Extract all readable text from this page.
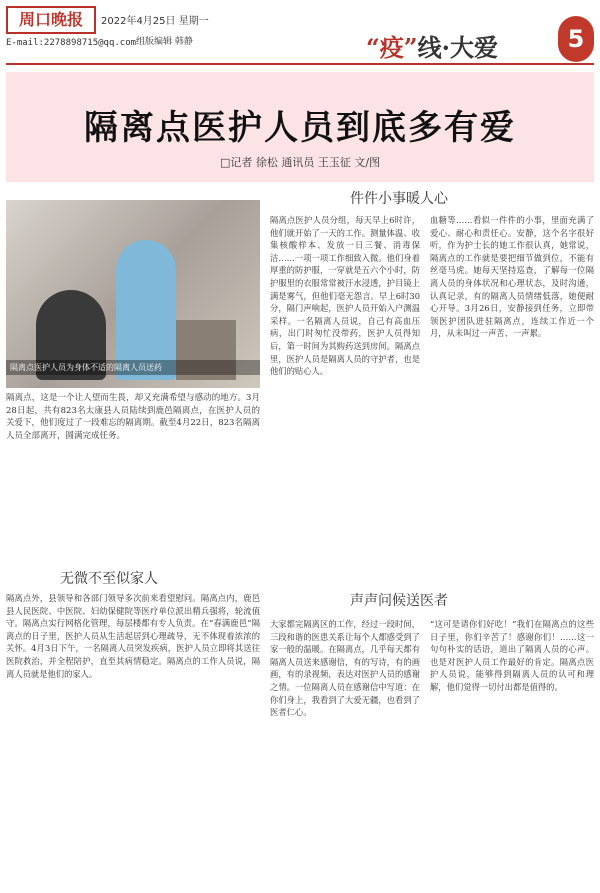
周口晚报	2022年4月25日 星期一
组版编辑 韩静
E-mail:2278898715@qq.com	“疫”线·大爱	5
隔离点医护人员到底多有爱
□记者 徐松 通讯员 王玉征 文/图
件件小事暖人心
隔离点医护人员为身体不适的隔离人员送药
隔离点，这是一个让人望而生畏，却又充满希望与感动的地方。3月28日起，共有823名太康县人员陆续到鹿邑隔离点，在医护人员的关爱下，他们度过了一段难忘的隔离期。截至4月22日，823名隔离人员全部离开，圆满完成任务。
隔离点医护人员分组，每天早上6时许，他们就开始了一天的工作。测量体温、收集核酸样本、发放一日三餐、消毒保洁……一项一项工作细致入微。他们身着厚重的防护服，一穿就是五六个小时，防护服里的衣服常常被汗水浸透，护目镜上满是雾气，但他们毫无怨言。早上6时30分，隔门声响起，医护人员开始入户测温采样。一名隔离人员说，自己有高血压病，出门时匆忙没带药，医护人员得知后，第一时间为其购药送到房间。隔离点里，医护人员是隔离人员的守护者，也是他们的贴心人。
血糖等……看似一件件的小事，里面充满了爱心、耐心和责任心。安静，这个名字很好听，作为护士长的她工作很认真，她常说，隔离点的工作就是要把细节做到位，不能有丝毫马虎。她每天坚持巡查，了解每一位隔离人员的身体状况和心理状态，及时沟通，认真记录，有的隔离人员情绪低落，她便耐心开导。3月26日，安静接到任务，立即带领医护团队进驻隔离点，连续工作近一个月，从未叫过一声苦、一声累。
无微不至似家人
隔离点外，县领导和各部门领导多次前来看望慰问。隔离点内，鹿邑县人民医院、中医院、妇幼保健院等医疗单位派出精兵强将，轮流值守。隔离点实行网格化管理，每层楼都有专人负责。在“春满鹿邑”隔离点的日子里，医护人员从生活起居到心理疏导，无不体现着浓浓的关怀。4月3日下午，一名隔离人员突发疾病，医护人员立即将其送往医院救治，并全程陪护，直至其病情稳定。隔离点的工作人员说，隔离人员就是他们的家人。
声声问候送医者
大家都完隔离区的工作，经过一段时间，三段和谐的医患关系让每个人都感受到了家一般的温暖。在隔离点，几乎每天都有隔离人员送来感谢信，有的写诗，有的画画，有的录视频，表达对医护人员的感谢之情。一位隔离人员在感谢信中写道：在你们身上，我看到了大爱无疆，也看到了医者仁心。
“这可是请你们好吃！”我们在隔离点的这些日子里，你们辛苦了！感谢你们！……这一句句朴实的话语，道出了隔离人员的心声。也是对医护人员工作最好的肯定。隔离点医护人员说，能够得到隔离人员的认可和理解，他们觉得一切付出都是值得的。
